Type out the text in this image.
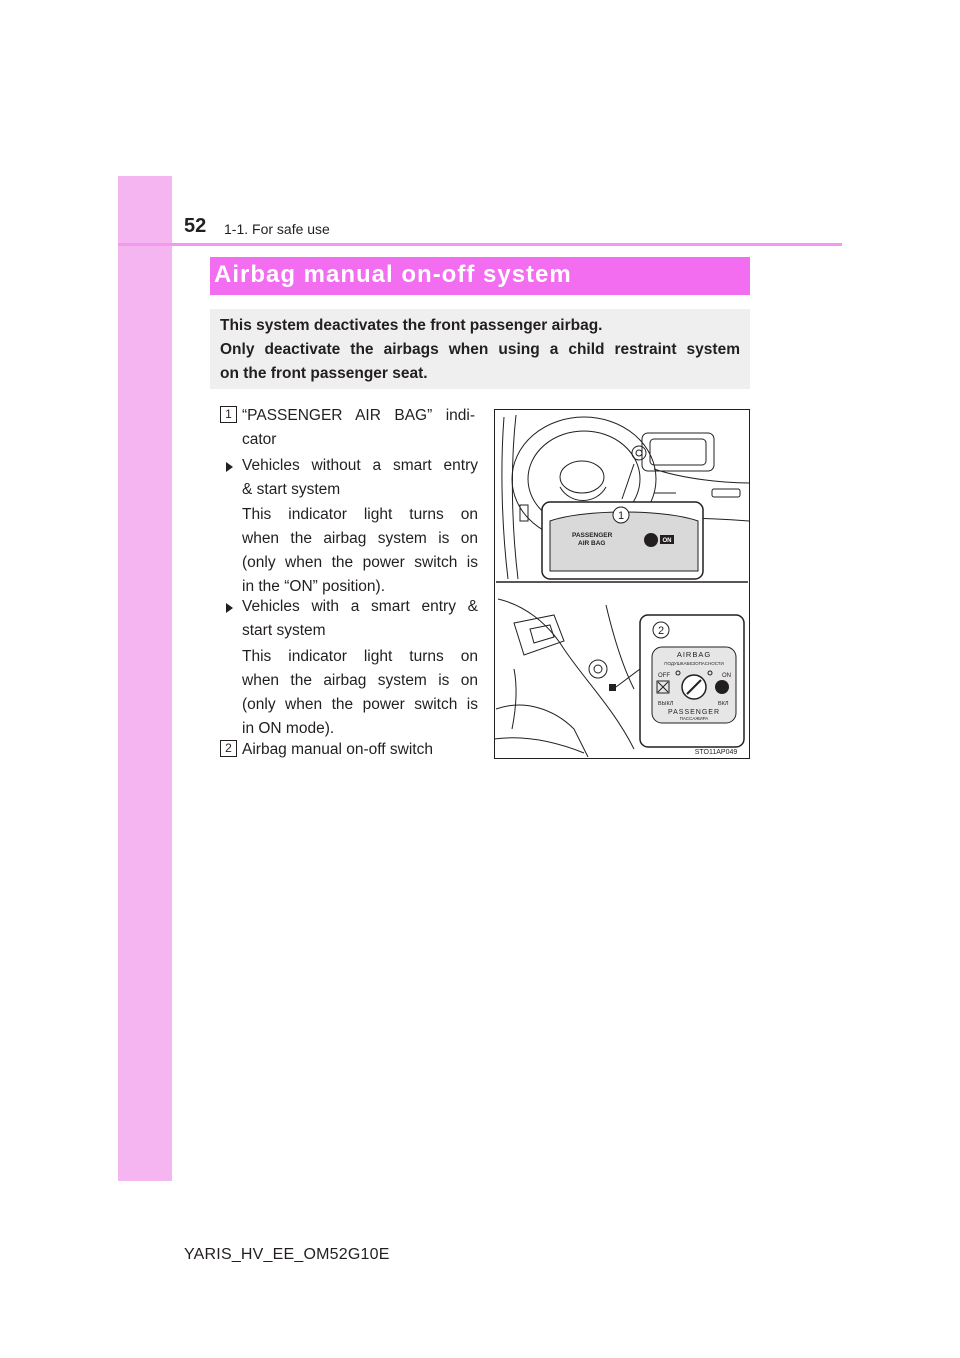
52 1-1. For safe use
Airbag manual on-off system
This system deactivates the front passenger airbag.
Only deactivate the airbags when using a child restraint system
on the front passenger seat.
1 “PASSENGER AIR BAG” indi-
cator
Vehicles without a smart entry
& start system
This indicator light turns on
when the airbag system is on
(only when the power switch is
in the “ON” position).
Vehicles with a smart entry &
start system
This indicator light turns on
when the airbag system is on
(only when the power switch is
in ON mode).
2 Airbag manual on-off switch
1
PASSENGER
AIR BAG	ON
2
AIRBAG
ПОДУШКАБЕЗОПАСНОСТИ
OFF	ON
ВЫКЛ	ВКЛ
PASSENGER
ПАССАЖИРА
STO11AP049
YARIS_HV_EE_OM52G10E
